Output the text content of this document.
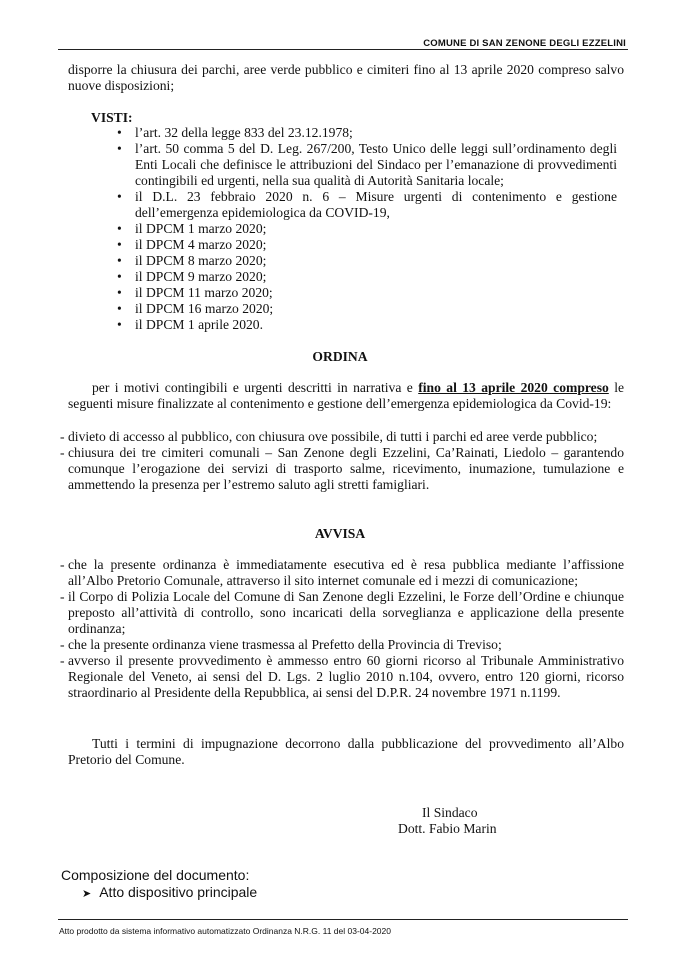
COMUNE DI SAN ZENONE DEGLI EZZELINI
disporre la chiusura dei parchi, aree verde pubblico e cimiteri fino al 13 aprile 2020 compreso salvo nuove disposizioni;
VISTI:
• l’art. 32 della legge 833 del 23.12.1978;
• l’art. 50 comma 5 del D. Leg. 267/200, Testo Unico delle leggi sull’ordinamento degli Enti Locali che definisce le attribuzioni del Sindaco per l’emanazione di provvedimenti contingibili ed urgenti, nella sua qualità di Autorità Sanitaria locale;
• il D.L. 23 febbraio 2020 n. 6 – Misure urgenti di contenimento e gestione dell’emergenza epidemiologica da COVID-19,
• il DPCM 1 marzo 2020;
• il DPCM 4 marzo 2020;
• il DPCM 8 marzo 2020;
• il DPCM 9 marzo 2020;
• il DPCM 11 marzo 2020;
• il DPCM 16 marzo 2020;
• il DPCM 1 aprile 2020.
ORDINA
per i motivi contingibili e urgenti descritti in narrativa e fino al 13 aprile 2020 compreso le seguenti misure finalizzate al contenimento e gestione dell’emergenza epidemiologica da Covid-19:
- divieto di accesso al pubblico, con chiusura ove possibile, di tutti i parchi ed aree verde pubblico;
- chiusura dei tre cimiteri comunali – San Zenone degli Ezzelini, Ca’Rainati, Liedolo – garantendo comunque l’erogazione dei servizi di trasporto salme, ricevimento, inumazione, tumulazione e ammettendo la presenza per l’estremo saluto agli stretti famigliari.
AVVISA
- che la presente ordinanza è immediatamente esecutiva ed è resa pubblica mediante l’affissione all’Albo Pretorio Comunale, attraverso il sito internet comunale ed i mezzi di comunicazione;
- il Corpo di Polizia Locale del Comune di San Zenone degli Ezzelini, le Forze dell’Ordine e chiunque preposto all’attività di controllo, sono incaricati della sorveglianza e applicazione della presente ordinanza;
- che la presente ordinanza viene trasmessa al Prefetto della Provincia di Treviso;
- avverso il presente provvedimento è ammesso entro 60 giorni ricorso al Tribunale Amministrativo Regionale del Veneto, ai sensi del D. Lgs. 2 luglio 2010 n.104, ovvero, entro 120 giorni, ricorso straordinario al Presidente della Repubblica, ai sensi del D.P.R. 24 novembre 1971 n.1199.
Tutti i termini di impugnazione decorrono dalla pubblicazione del provvedimento all’Albo Pretorio del Comune.
Il Sindaco
Dott. Fabio Marin
Composizione del documento:
➤ Atto dispositivo principale
Atto prodotto da sistema informativo automatizzato Ordinanza N.R.G. 11 del 03-04-2020
